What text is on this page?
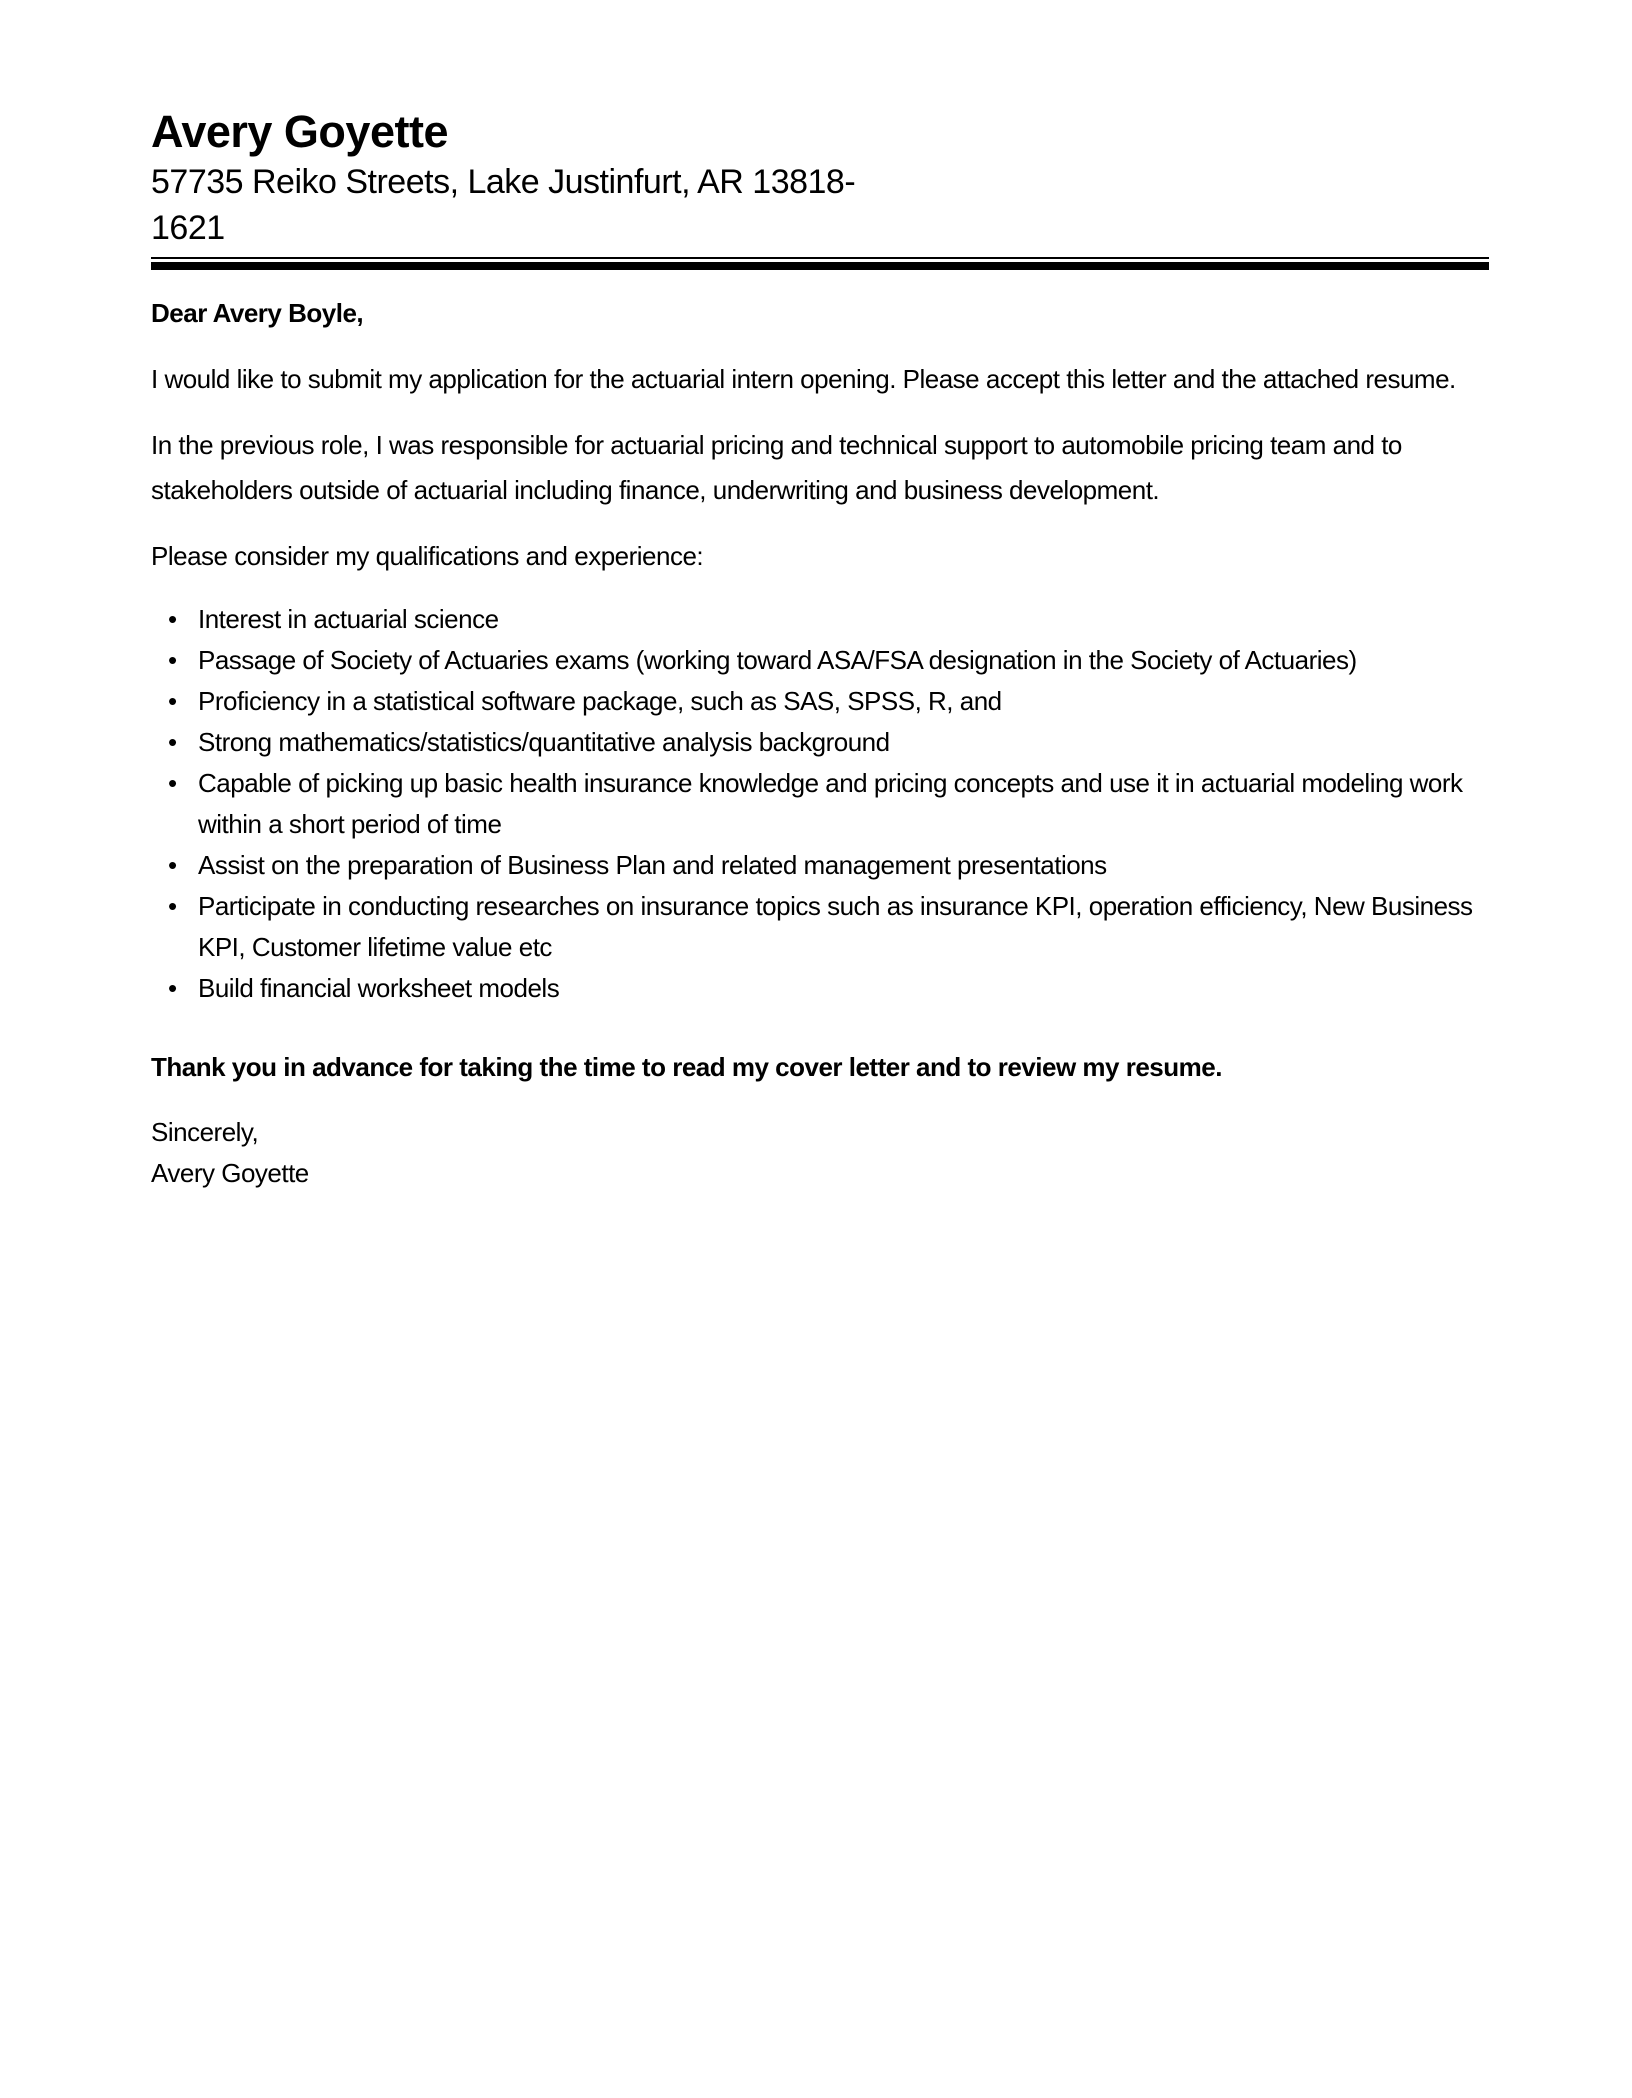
Avery Goyette
57735 Reiko Streets, Lake Justinfurt, AR 13818-
1621

Dear Avery Boyle,

I would like to submit my application for the actuarial intern opening. Please accept this letter and the attached resume.

In the previous role, I was responsible for actuarial pricing and technical support to automobile pricing team and to stakeholders outside of actuarial including finance, underwriting and business development.

Please consider my qualifications and experience:

• Interest in actuarial science
• Passage of Society of Actuaries exams (working toward ASA/FSA designation in the Society of Actuaries)
• Proficiency in a statistical software package, such as SAS, SPSS, R, and
• Strong mathematics/statistics/quantitative analysis background
• Capable of picking up basic health insurance knowledge and pricing concepts and use it in actuarial modeling work within a short period of time
• Assist on the preparation of Business Plan and related management presentations
• Participate in conducting researches on insurance topics such as insurance KPI, operation efficiency, New Business KPI, Customer lifetime value etc
• Build financial worksheet models

Thank you in advance for taking the time to read my cover letter and to review my resume.

Sincerely,
Avery Goyette
